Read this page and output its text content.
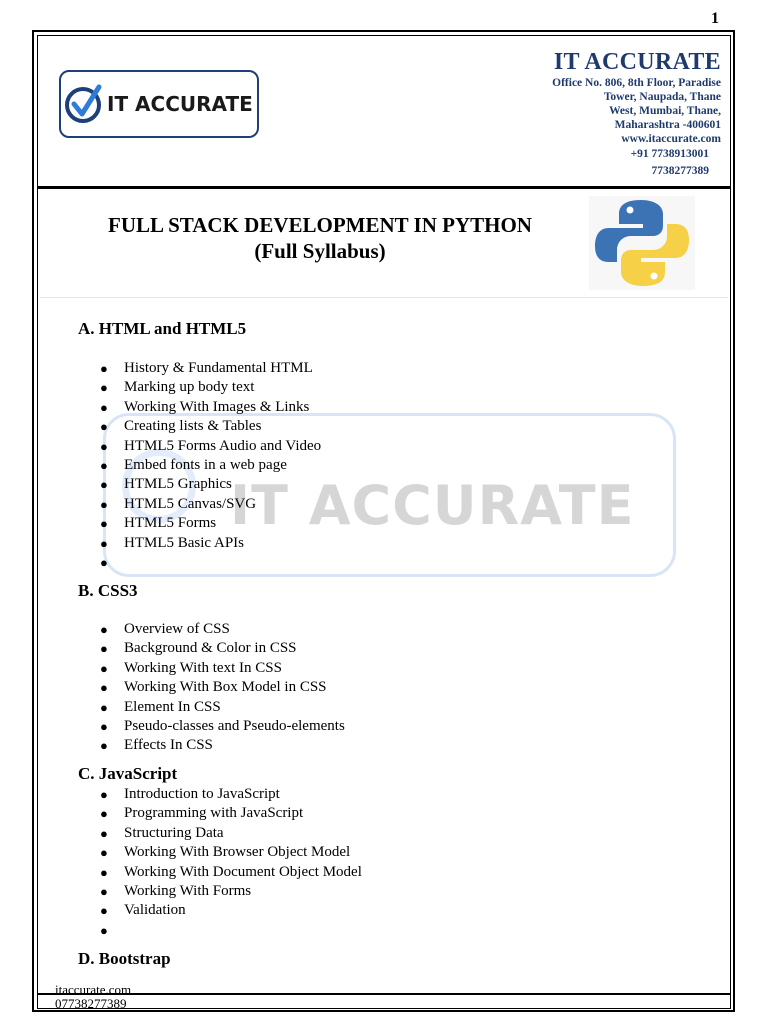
1
IT ACCURATE
IT ACCURATE
Office No. 806, 8th Floor, Paradise
Tower, Naupada, Thane
West, Mumbai, Thane,
Maharashtra -400601
www.itaccurate.com
+91 7738913001
7738277389
FULL STACK DEVELOPMENT IN PYTHON
(Full Syllabus)
IT ACCURATE
A. HTML and HTML5
● History & Fundamental HTML
● Marking up body text
● Working With Images & Links
● Creating lists & Tables
● HTML5 Forms Audio and Video
● Embed fonts in a web page
● HTML5 Graphics
● HTML5 Canvas/SVG
● HTML5 Forms
● HTML5 Basic APIs
●
B. CSS3
● Overview of CSS
● Background & Color in CSS
● Working With text In CSS
● Working With Box Model in CSS
● Element In CSS
● Pseudo-classes and Pseudo-elements
● Effects In CSS
C. JavaScript
● Introduction to JavaScript
● Programming with JavaScript
● Structuring Data
● Working With Browser Object Model
● Working With Document Object Model
● Working With Forms
● Validation
●
D. Bootstrap
itaccurate.com
07738277389
